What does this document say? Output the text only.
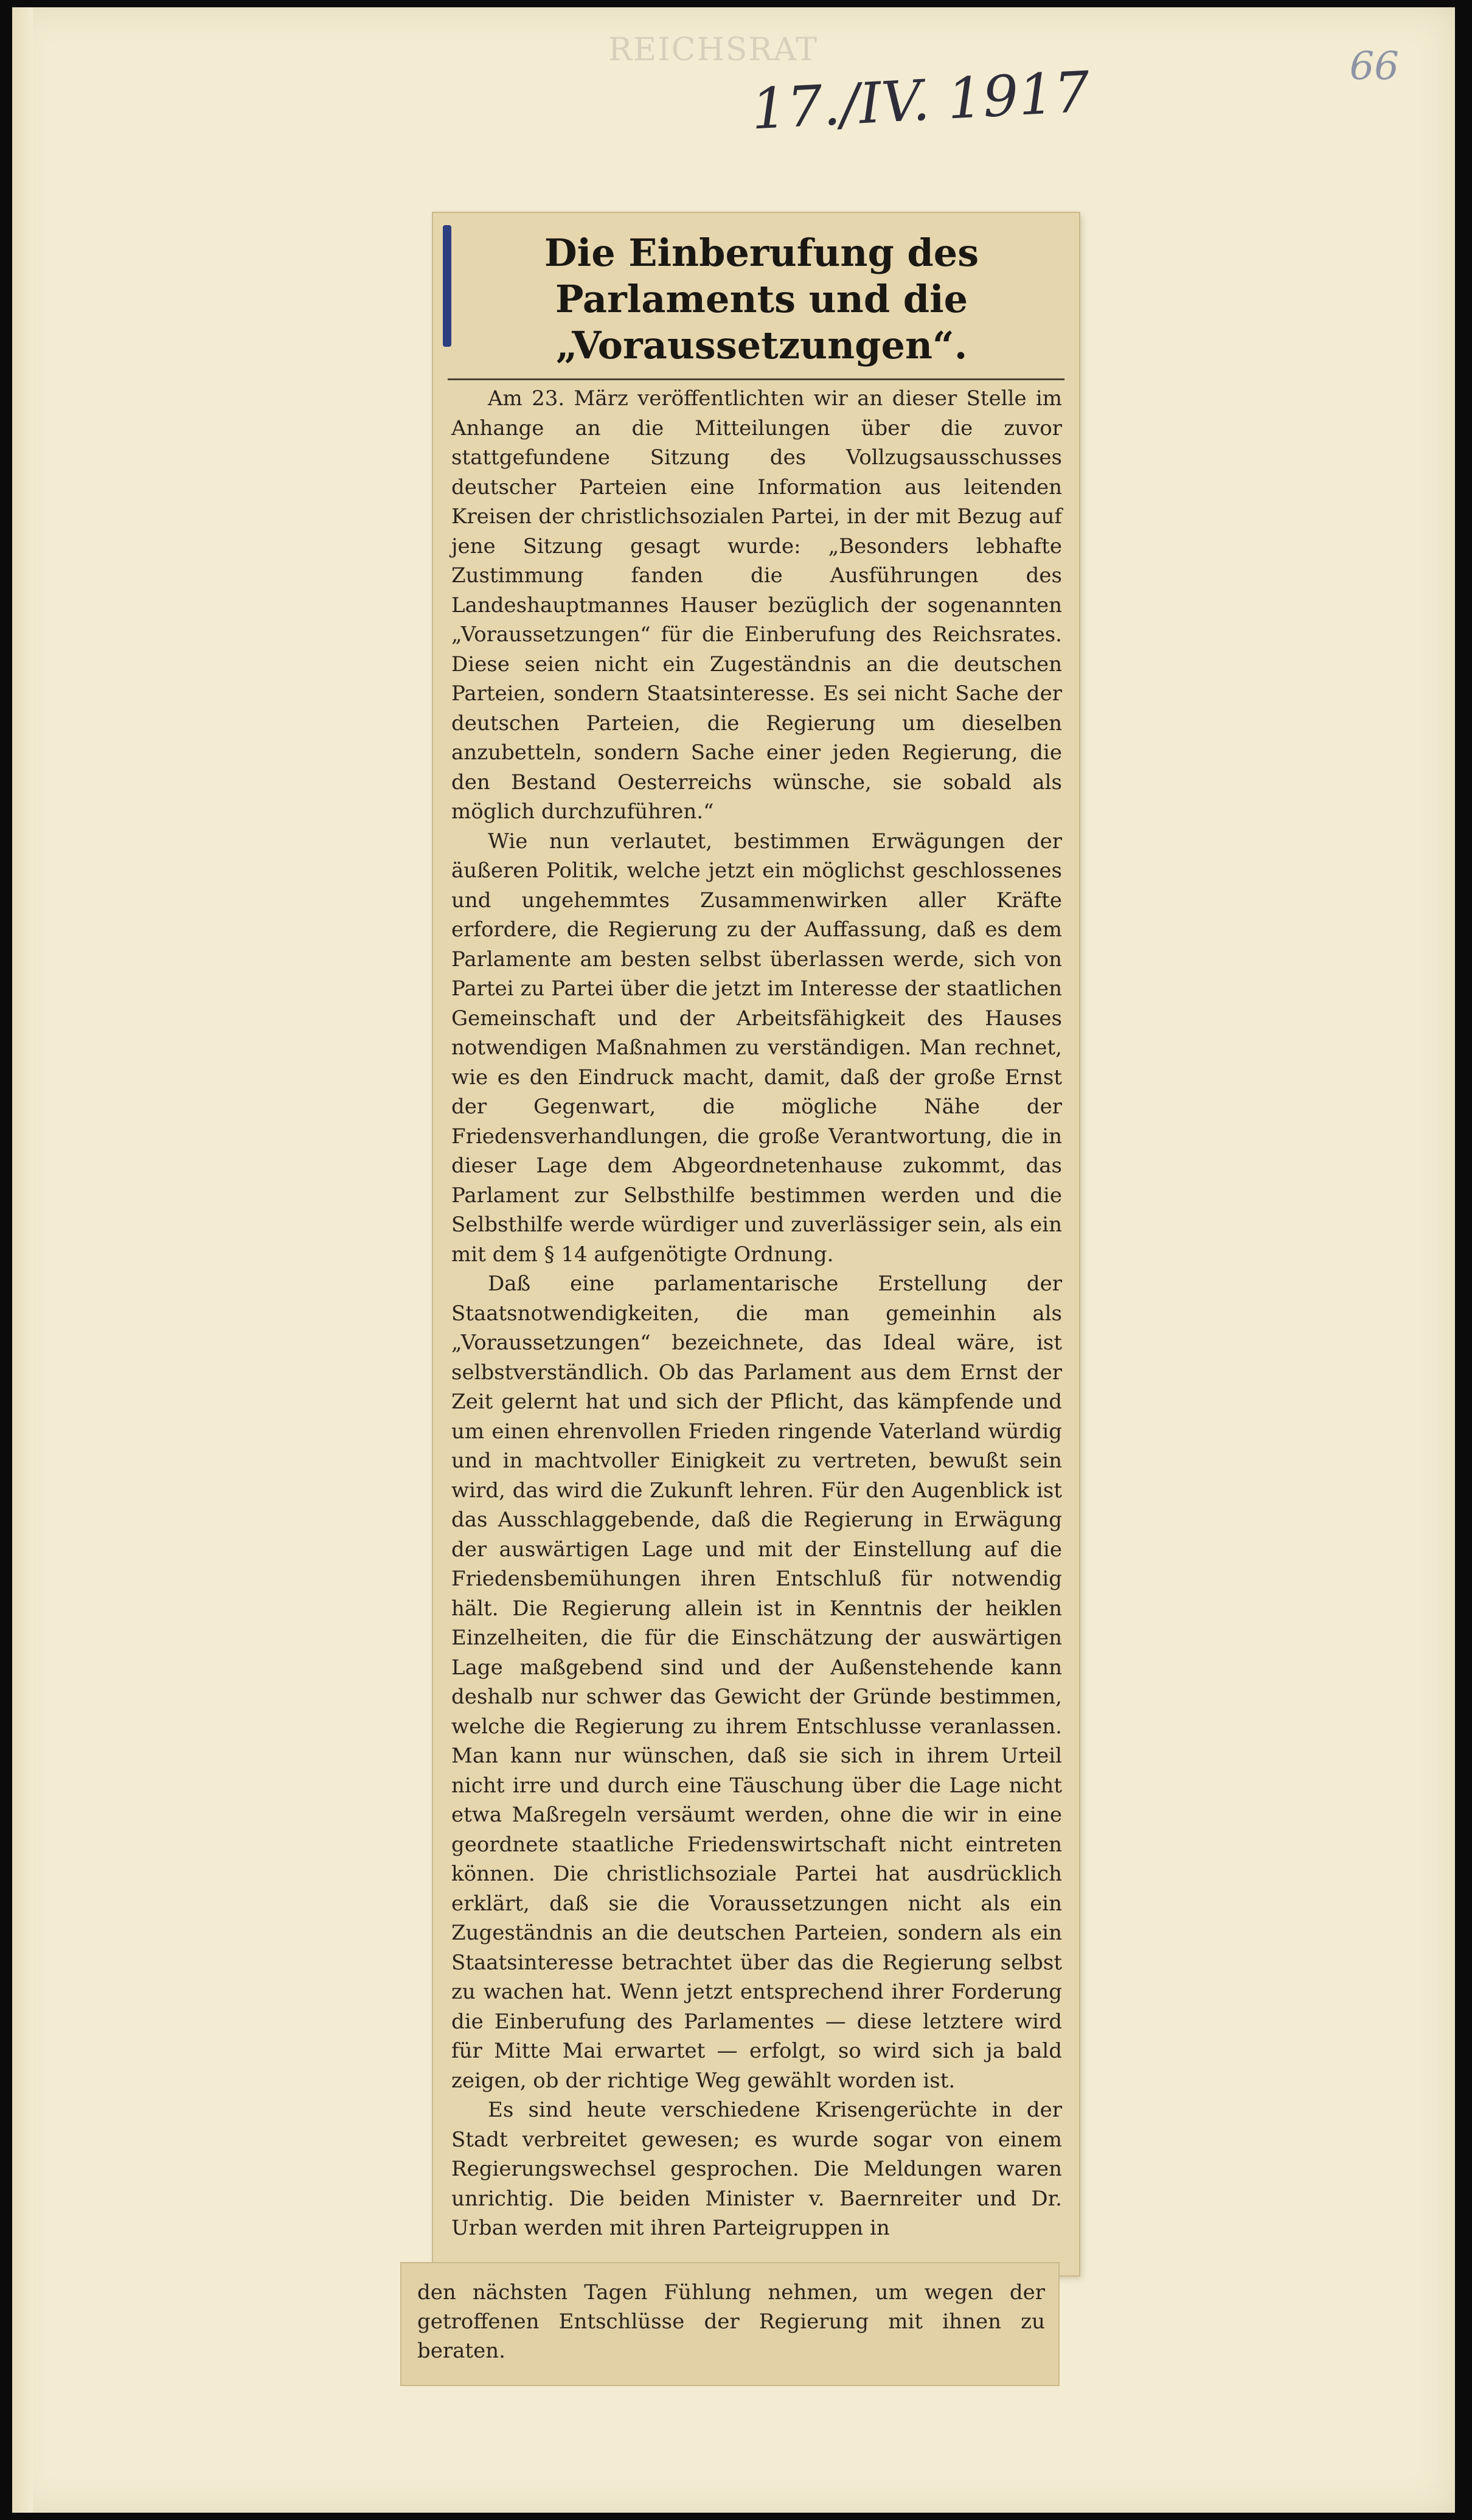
REICHSRAT
17./IV. 1917	66
Die Einberufung des Parlaments und die „Voraussetzungen“.

Am 23. März veröffentlichten wir an dieser Stelle im Anhange an die Mitteilungen über die zuvor stattgefundene Sitzung des Vollzugsausschusses deutscher Parteien eine Information aus leitenden Kreisen der christlichsozialen Partei, in der mit Bezug auf jene Sitzung gesagt wurde: „Besonders lebhafte Zustimmung fanden die Ausführungen des Landeshauptmannes Hauser bezüglich der sogenannten „Voraussetzungen“ für die Einberufung des Reichsrates. Diese seien nicht ein Zugeständnis an die deutschen Parteien, sondern Staatsinteresse. Es sei nicht Sache der deutschen Parteien, die Regierung um dieselben anzubetteln, sondern Sache einer jeden Regierung, die den Bestand Oesterreichs wünsche, sie sobald als möglich durchzuführen.“

Wie nun verlautet, bestimmen Erwägungen der äußeren Politik, welche jetzt ein möglichst geschlossenes und ungehemmtes Zusammenwirken aller Kräfte erfordere, die Regierung zu der Auffassung, daß es dem Parlamente am besten selbst überlassen werde, sich von Partei zu Partei über die jetzt im Interesse der staatlichen Gemeinschaft und der Arbeitsfähigkeit des Hauses notwendigen Maßnahmen zu verständigen. Man rechnet, wie es den Eindruck macht, damit, daß der große Ernst der Gegenwart, die mögliche Nähe der Friedensverhandlungen, die große Verantwortung, die in dieser Lage dem Abgeordnetenhause zukommt, das Parlament zur Selbsthilfe bestimmen werden und die Selbsthilfe werde würdiger und zuverlässiger sein, als ein mit dem § 14 aufgenötigte Ordnung.

Daß eine parlamentarische Erstellung der Staatsnotwendigkeiten, die man gemeinhin als „Voraussetzungen“ bezeichnete, das Ideal wäre, ist selbstverständlich. Ob das Parlament aus dem Ernst der Zeit gelernt hat und sich der Pflicht, das kämpfende und um einen ehrenvollen Frieden ringende Vaterland würdig und in machtvoller Einigkeit zu vertreten, bewußt sein wird, das wird die Zukunft lehren. Für den Augenblick ist das Ausschlaggebende, daß die Regierung in Erwägung der auswärtigen Lage und mit der Einstellung auf die Friedensbemühungen ihren Entschluß für notwendig hält. Die Regierung allein ist in Kenntnis der heiklen Einzelheiten, die für die Einschätzung der auswärtigen Lage maßgebend sind und der Außenstehende kann deshalb nur schwer das Gewicht der Gründe bestimmen, welche die Regierung zu ihrem Entschlusse veranlassen. Man kann nur wünschen, daß sie sich in ihrem Urteil nicht irre und durch eine Täuschung über die Lage nicht etwa Maßregeln versäumt werden, ohne die wir in eine geordnete staatliche Friedenswirtschaft nicht eintreten können. Die christlichsoziale Partei hat ausdrücklich erklärt, daß sie die Voraussetzungen nicht als ein Zugeständnis an die deutschen Parteien, sondern als ein Staatsinteresse betrachtet über das die Regierung selbst zu wachen hat. Wenn jetzt entsprechend ihrer Forderung die Einberufung des Parlamentes — diese letztere wird für Mitte Mai erwartet — erfolgt, so wird sich ja bald zeigen, ob der richtige Weg gewählt worden ist.

Es sind heute verschiedene Krisengerüchte in der Stadt verbreitet gewesen; es wurde sogar von einem Regierungswechsel gesprochen. Die Meldungen waren unrichtig. Die beiden Minister v. Baernreiter und Dr. Urban werden mit ihren Parteigruppen in

den nächsten Tagen Fühlung nehmen, um wegen der getroffenen Entschlüsse der Regierung mit ihnen zu beraten.
